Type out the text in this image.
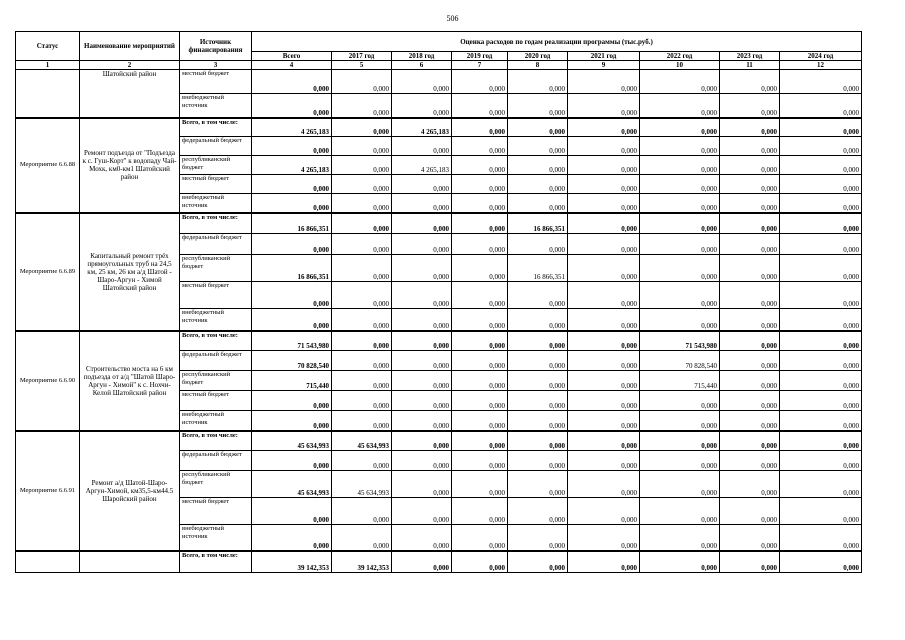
506
Статус	Наименование мероприятий	Источник финансирования	Оценка расходов по годам реализации программы (тыс.руб.)								
			Всего	2017 год	2018 год	2019 год	2020 год	2021 год	2022 год	2023 год	2024 год
1	2	3	4	5	6	7	8	9	10	11	12
	Шатойский район	местный бюджет	0,000	0,000	0,000	0,000	0,000	0,000	0,000	0,000	0,000
		внебюджетный источник	0,000	0,000	0,000	0,000	0,000	0,000	0,000	0,000	0,000
Мероприятие 6.6.88	Ремонт подъезда от "Подъезда к с. Гуш-Корт" к водопаду Чай-Мохк, км0-км1 Шатойский район	Всего, в том числе:	4 265,183	0,000	4 265,183	0,000	0,000	0,000	0,000	0,000	0,000
		федеральный бюджет	0,000	0,000	0,000	0,000	0,000	0,000	0,000	0,000	0,000
		республиканский бюджет	4 265,183	0,000	4 265,183	0,000	0,000	0,000	0,000	0,000	0,000
		местный бюджет	0,000	0,000	0,000	0,000	0,000	0,000	0,000	0,000	0,000
		внебюджетный источник	0,000	0,000	0,000	0,000	0,000	0,000	0,000	0,000	0,000
Мероприятие 6.6.89	Капитальный ремонт трёх прямоугольных труб на 24,5 км, 25 км, 26 км а/д Шатой - Шаро-Аргун - Химой Шатойский район	Всего, в том числе:	16 866,351	0,000	0,000	0,000	16 866,351	0,000	0,000	0,000	0,000
		федеральный бюджет	0,000	0,000	0,000	0,000	0,000	0,000	0,000	0,000	0,000
		республиканский бюджет	16 866,351	0,000	0,000	0,000	16 866,351	0,000	0,000	0,000	0,000
		местный бюджет	0,000	0,000	0,000	0,000	0,000	0,000	0,000	0,000	0,000
		внебюджетный источник	0,000	0,000	0,000	0,000	0,000	0,000	0,000	0,000	0,000
Мероприятие 6.6.90	Строительство моста на 6 км подъезда от а/д "Шатой Шаро-Аргун - Химой" к с. Нохчи-Келой Шатойский район	Всего, в том числе:	71 543,980	0,000	0,000	0,000	0,000	0,000	71 543,980	0,000	0,000
		федеральный бюджет	70 828,540	0,000	0,000	0,000	0,000	0,000	70 828,540	0,000	0,000
		республиканский бюджет	715,440	0,000	0,000	0,000	0,000	0,000	715,440	0,000	0,000
		местный бюджет	0,000	0,000	0,000	0,000	0,000	0,000	0,000	0,000	0,000
		внебюджетный источник	0,000	0,000	0,000	0,000	0,000	0,000	0,000	0,000	0,000
Мероприятие 6.6.91	Ремонт а/д Шатой-Шаро-Аргун-Химой, км35,5-км44.5 Шаройский район	Всего, в том числе:	45 634,993	45 634,993	0,000	0,000	0,000	0,000	0,000	0,000	0,000
		федеральный бюджет	0,000	0,000	0,000	0,000	0,000	0,000	0,000	0,000	0,000
		республиканский бюджет	45 634,993	45 634,993	0,000	0,000	0,000	0,000	0,000	0,000	0,000
		местный бюджет	0,000	0,000	0,000	0,000	0,000	0,000	0,000	0,000	0,000
		внебюджетный источник	0,000	0,000	0,000	0,000	0,000	0,000	0,000	0,000	0,000
		Всего, в том числе:	39 142,353	39 142,353	0,000	0,000	0,000	0,000	0,000	0,000	0,000
